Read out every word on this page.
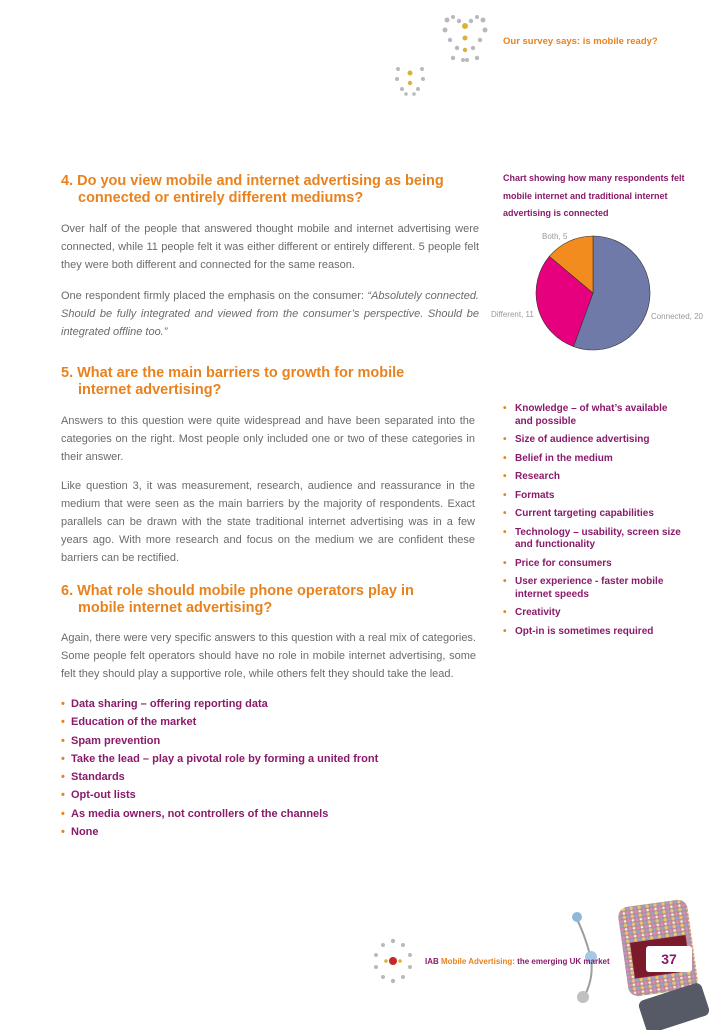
Our survey says: is mobile ready?

4. Do you view mobile and internet advertising as being
connected or entirely different mediums?

Over half of the people that answered thought mobile and internet advertising were connected, while 11 people felt it was either different or entirely different. 5 people felt they were both different and connected for the same reason.

One respondent firmly placed the emphasis on the consumer: “Absolutely connected. Should be fully integrated and viewed from the consumer’s perspective. Should be integrated offline too.”

Chart showing how many respondents felt mobile internet and traditional internet advertising is connected
Connected, 20
Different, 11
Both, 5

5. What are the main barriers to growth for mobile
internet advertising?

Answers to this question were quite widespread and have been separated into the categories on the right. Most people only included one or two of these categories in their answer.

Like question 3, it was measurement, research, audience and reassurance in the medium that were seen as the main barriers by the majority of respondents. Exact parallels can be drawn with the state traditional internet advertising was in a few years ago. With more research and focus on the medium we are confident these barriers can be rectified.

• Knowledge – of what’s available
and possible
• Size of audience advertising
• Belief in the medium
• Research
• Formats
• Current targeting capabilities
• Technology – usability, screen size
and functionality
• Price for consumers
• User experience - faster mobile
internet speeds
• Creativity
• Opt-in is sometimes required

6. What role should mobile phone operators play in
mobile internet advertising?

Again, there were very specific answers to this question with a real mix of categories. Some people felt operators should have no role in mobile internet advertising, some felt they should play a supportive role, while others felt they should take the lead.

• Data sharing – offering reporting data
• Education of the market
• Spam prevention
• Take the lead – play a pivotal role by forming a united front
• Standards
• Opt-out lists
• As media owners, not controllers of the channels
• None
37
IAB Mobile Advertising: the emerging UK market
